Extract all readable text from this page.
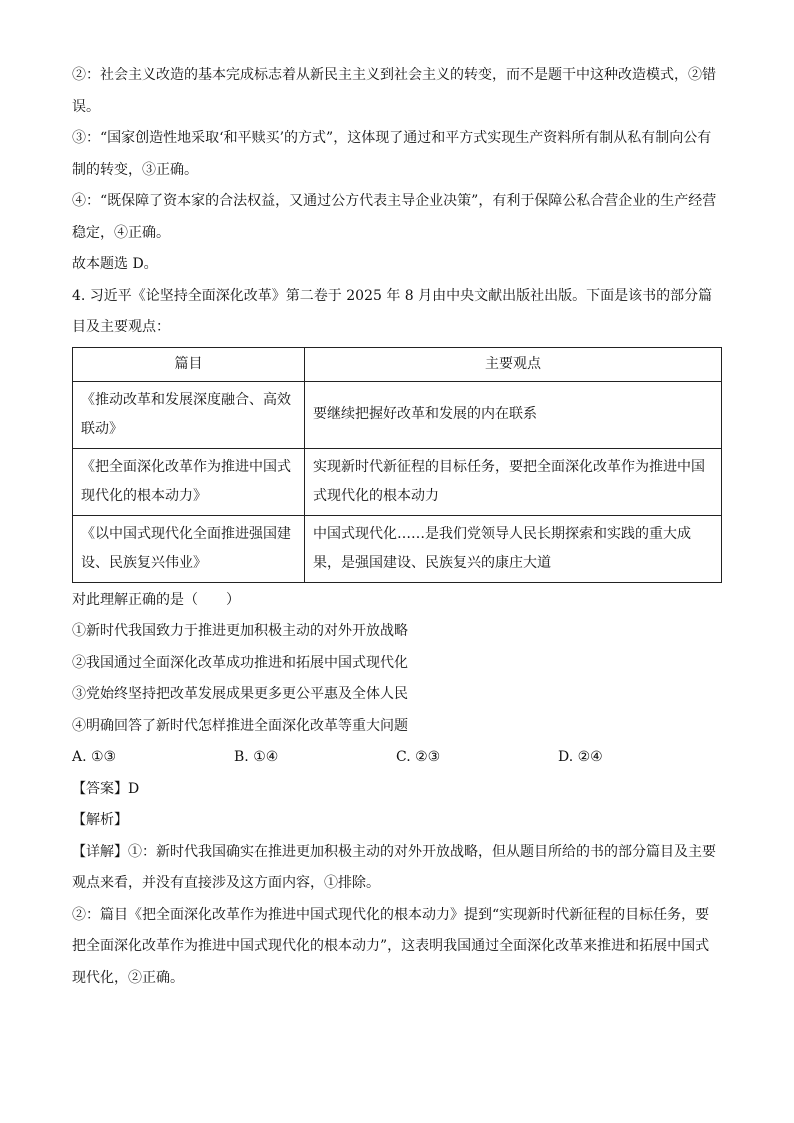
②：社会主义改造的基本完成标志着从新民主主义到社会主义的转变，而不是题干中这种改造模式，②错误。

③：“国家创造性地采取‘和平赎买’的方式”，这体现了通过和平方式实现生产资料所有制从私有制向公有制的转变，③正确。

④：“既保障了资本家的合法权益，又通过公方代表主导企业决策”，有利于保障公私合营企业的生产经营稳定，④正确。

故本题选 D。

4. 习近平《论坚持全面深化改革》第二卷于 2025 年 8 月由中央文献出版社出版。下面是该书的部分篇目及主要观点：

篇目	主要观点
《推动改革和发展深度融合、高效联动》	要继续把握好改革和发展的内在联系
《把全面深化改革作为推进中国式现代化的根本动力》	实现新时代新征程的目标任务，要把全面深化改革作为推进中国式现代化的根本动力
《以中国式现代化全面推进强国建设、民族复兴伟业》	中国式现代化……是我们党领导人民长期探索和实践的重大成果，是强国建设、民族复兴的康庄大道

对此理解正确的是（　　）

①新时代我国致力于推进更加积极主动的对外开放战略

②我国通过全面深化改革成功推进和拓展中国式现代化

③党始终坚持把改革发展成果更多更公平惠及全体人民

④明确回答了新时代怎样推进全面深化改革等重大问题

A. ①③	B. ①④	C. ②③	D. ②④

【答案】D

【解析】

【详解】①：新时代我国确实在推进更加积极主动的对外开放战略，但从题目所给的书的部分篇目及主要观点来看，并没有直接涉及这方面内容，①排除。

②：篇目《把全面深化改革作为推进中国式现代化的根本动力》提到“实现新时代新征程的目标任务，要把全面深化改革作为推进中国式现代化的根本动力”，这表明我国通过全面深化改革来推进和拓展中国式现代化，②正确。
